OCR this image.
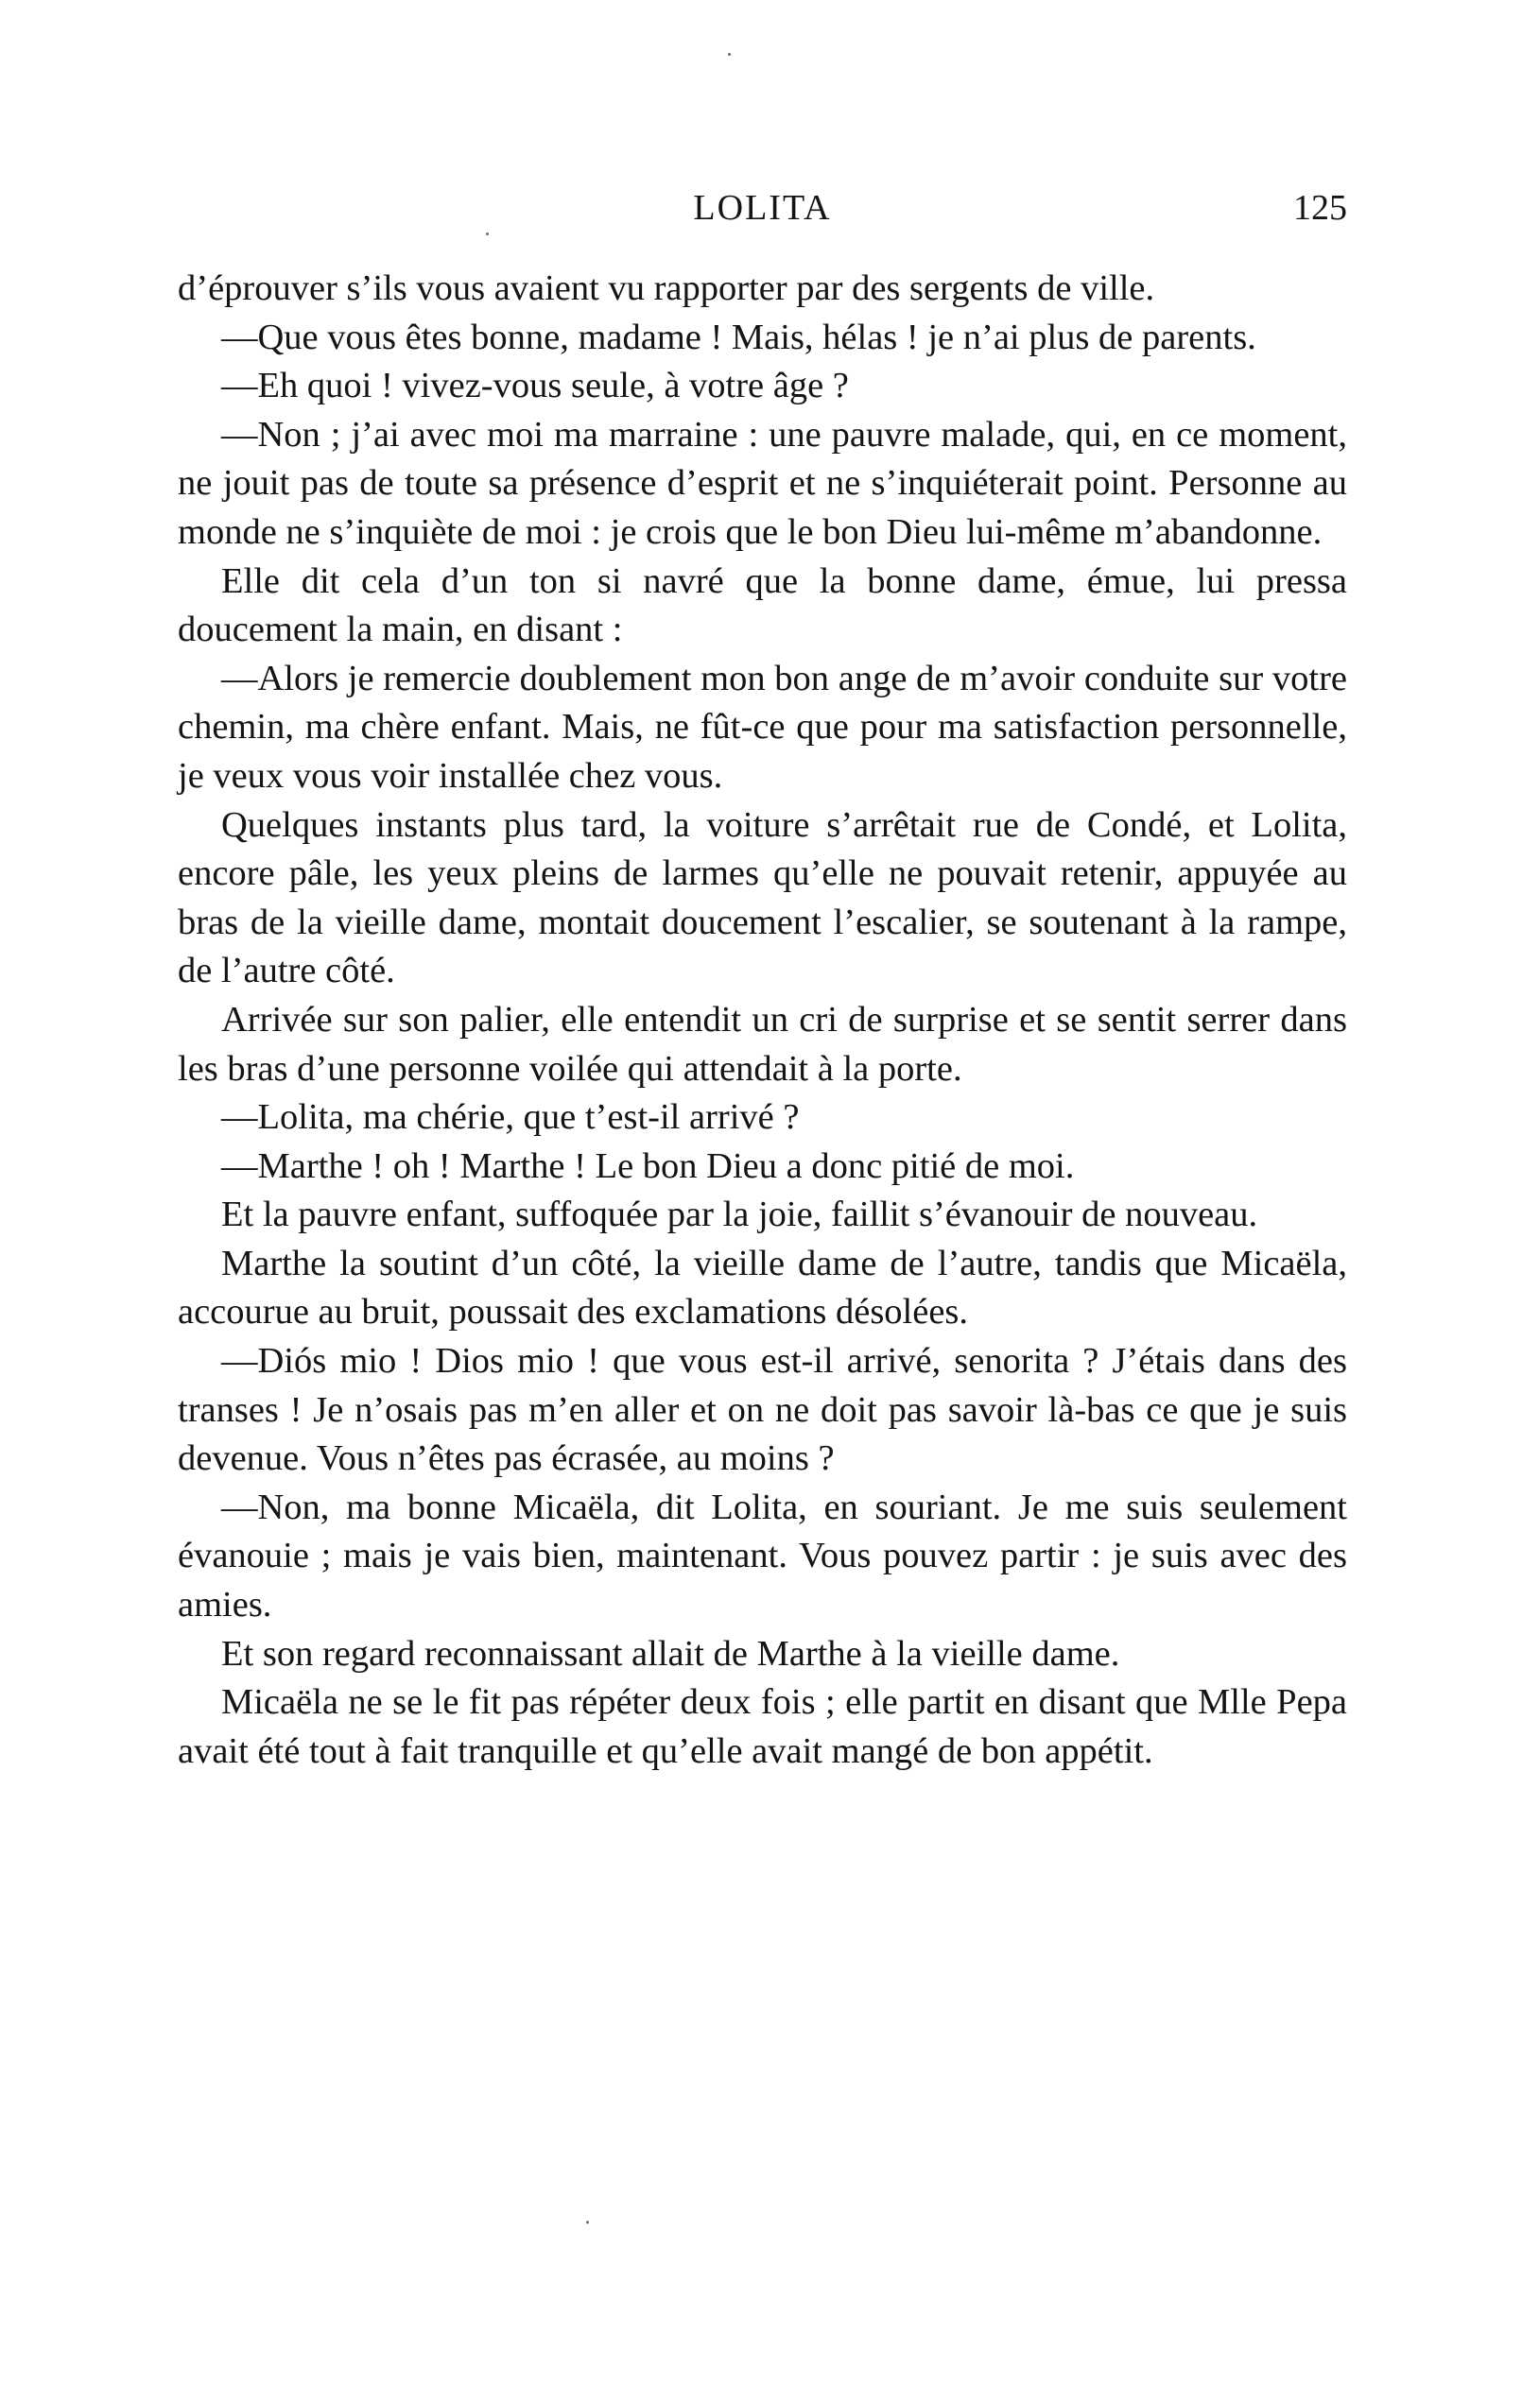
LOLITA	125

d’éprouver s’ils vous avaient vu rapporter par des sergents de ville.

—Que vous êtes bonne, madame ! Mais, hélas ! je n’ai plus de parents.

—Eh quoi ! vivez-vous seule, à votre âge ?

—Non ; j’ai avec moi ma marraine : une pauvre malade, qui, en ce moment, ne jouit pas de toute sa présence d’esprit et ne s’inquiéterait point. Personne au monde ne s’inquiète de moi : je crois que le bon Dieu lui-même m’abandonne.

Elle dit cela d’un ton si navré que la bonne dame, émue, lui pressa doucement la main, en disant :

—Alors je remercie doublement mon bon ange de m’avoir conduite sur votre chemin, ma chère enfant. Mais, ne fût-ce que pour ma satisfaction personnelle, je veux vous voir installée chez vous.

Quelques instants plus tard, la voiture s’arrêtait rue de Condé, et Lolita, encore pâle, les yeux pleins de larmes qu’elle ne pouvait retenir, appuyée au bras de la vieille dame, montait doucement l’escalier, se soutenant à la rampe, de l’autre côté.

Arrivée sur son palier, elle entendit un cri de surprise et se sentit serrer dans les bras d’une personne voilée qui attendait à la porte.

—Lolita, ma chérie, que t’est-il arrivé ?

—Marthe ! oh ! Marthe ! Le bon Dieu a donc pitié de moi.

Et la pauvre enfant, suffoquée par la joie, faillit s’évanouir de nouveau.

Marthe la soutint d’un côté, la vieille dame de l’autre, tandis que Micaëla, accourue au bruit, poussait des exclamations désolées.

—Diós mio ! Dios mio ! que vous est-il arrivé, senorita ? J’étais dans des transes ! Je n’osais pas m’en aller et on ne doit pas savoir là-bas ce que je suis devenue. Vous n’êtes pas écrasée, au moins ?

—Non, ma bonne Micaëla, dit Lolita, en souriant. Je me suis seulement évanouie ; mais je vais bien, maintenant. Vous pouvez partir : je suis avec des amies.

Et son regard reconnaissant allait de Marthe à la vieille dame.

Micaëla ne se le fit pas répéter deux fois ; elle partit en disant que Mlle Pepa avait été tout à fait tranquille et qu’elle avait mangé de bon appétit.
